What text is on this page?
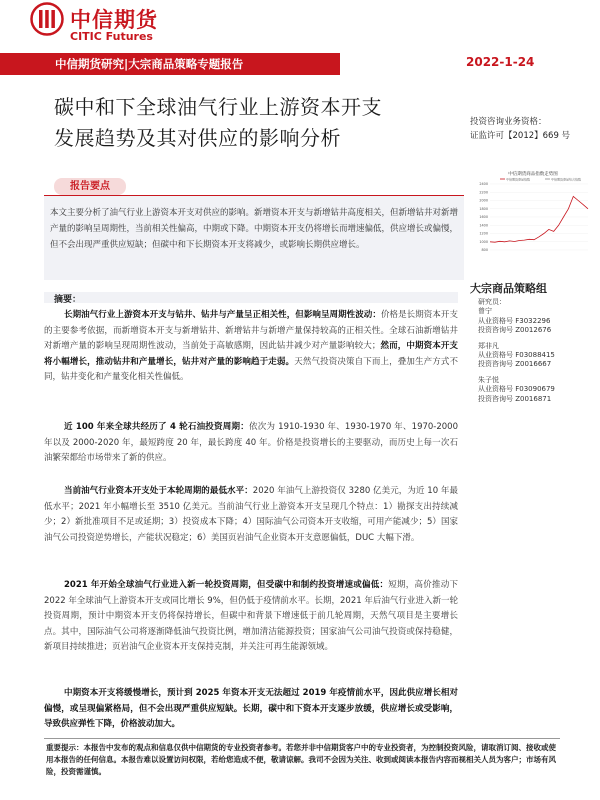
中信期货
CITIC Futures
中信期货研究|大宗商品策略专题报告	2022-1-24
碳中和下全球油气行业上游资本开支
发展趋势及其对供应的影响分析
投资咨询业务资格：
证监许可【2012】669 号
报告要点
本文主要分析了油气行业上游资本开支对供应的影响。新增资本开支与新增钻井高度相关，但新增钻井对新增产量的影响呈周期性，当前相关性偏高，中期或下降。中期资本开支仍将增长而增速偏低，供应增长或偏慢，但不会出现严重供应短缺；但碳中和下长期资本开支将减少，或影响长期供应增长。
中信期货商品指数走势图
中信期货商品指数	中信期货商品综合指数
2400
2200
2000
1800
1600
1400
1200
1000
800
大宗商品策略组
研究员：
曾宁
从业资格号 F3032296
投资咨询号 Z0012676
郑非凡
从业资格号 F03088415
投资咨询号 Z0016667
朱子悦
从业资格号 F03090679
投资咨询号 Z0016871
摘要：
长期油气行业上游资本开支与钻井、钻井与产量呈正相关性，但影响呈周期性波动：价格是长期资本开支的主要参考依据，而新增资本开支与新增钻井、新增钻井与新增产量保持较高的正相关性。全球石油新增钻井对新增产量的影响呈现周期性波动，当前处于高敏感期，因此钻井减少对产量影响较大；然而，中期资本开支将小幅增长，推动钻井和产量增长，钻井对产量的影响趋于走弱。天然气投资决策自下而上，叠加生产方式不同，钻井变化和产量变化相关性偏低。
近 100 年来全球共经历了 4 轮石油投资周期：依次为 1910-1930 年、1930-1970 年、1970-2000 年以及 2000-2020 年，最短跨度 20 年，最长跨度 40 年。价格是投资增长的主要驱动，而历史上每一次石油繁荣都给市场带来了新的供应。
当前油气行业资本开支处于本轮周期的最低水平：2020 年油气上游投资仅 3280 亿美元，为近 10 年最低水平；2021 年小幅增长至 3510 亿美元。当前油气行业上游资本开支呈现几个特点：1）勘探支出持续减少；2）新批准项目不足或延期；3）投资成本下降；4）国际油气公司资本开支收缩，可用产能减少；5）国家油气公司投资逆势增长，产能状况稳定；6）美国页岩油气企业资本开支意愿偏低，DUC 大幅下滑。
2021 年开始全球油气行业进入新一轮投资周期，但受碳中和制约投资增速或偏低：短期，高价推动下 2022 年全球油气上游资本开支或同比增长 9%，但仍低于疫情前水平。长期，2021 年后油气行业进入新一轮投资周期，预计中期资本开支仍将保持增长，但碳中和背景下增速低于前几轮周期，天然气项目是主要增长点。其中，国际油气公司将逐渐降低油气投资比例，增加清洁能源投资；国家油气公司油气投资或保持稳健，新项目持续推进；页岩油气企业资本开支保持克制，并关注可再生能源领域。
中期资本开支将缓慢增长，预计到 2025 年资本开支无法超过 2019 年疫情前水平，因此供应增长相对偏慢，或呈现偏紧格局，但不会出现严重供应短缺。长期，碳中和下资本开支逐步放缓，供应增长或受影响，导致供应弹性下降，价格波动加大。
重要提示：本报告中发布的观点和信息仅供中信期货的专业投资者参考。若您并非中信期货客户中的专业投资者，为控制投资风险，请取消订阅、接收或使用本报告的任何信息。本报告难以设置访问权限，若给您造成不便，敬请谅解。我司不会因为关注、收到或阅读本报告内容而视相关人员为客户；市场有风险，投资需谨慎。
